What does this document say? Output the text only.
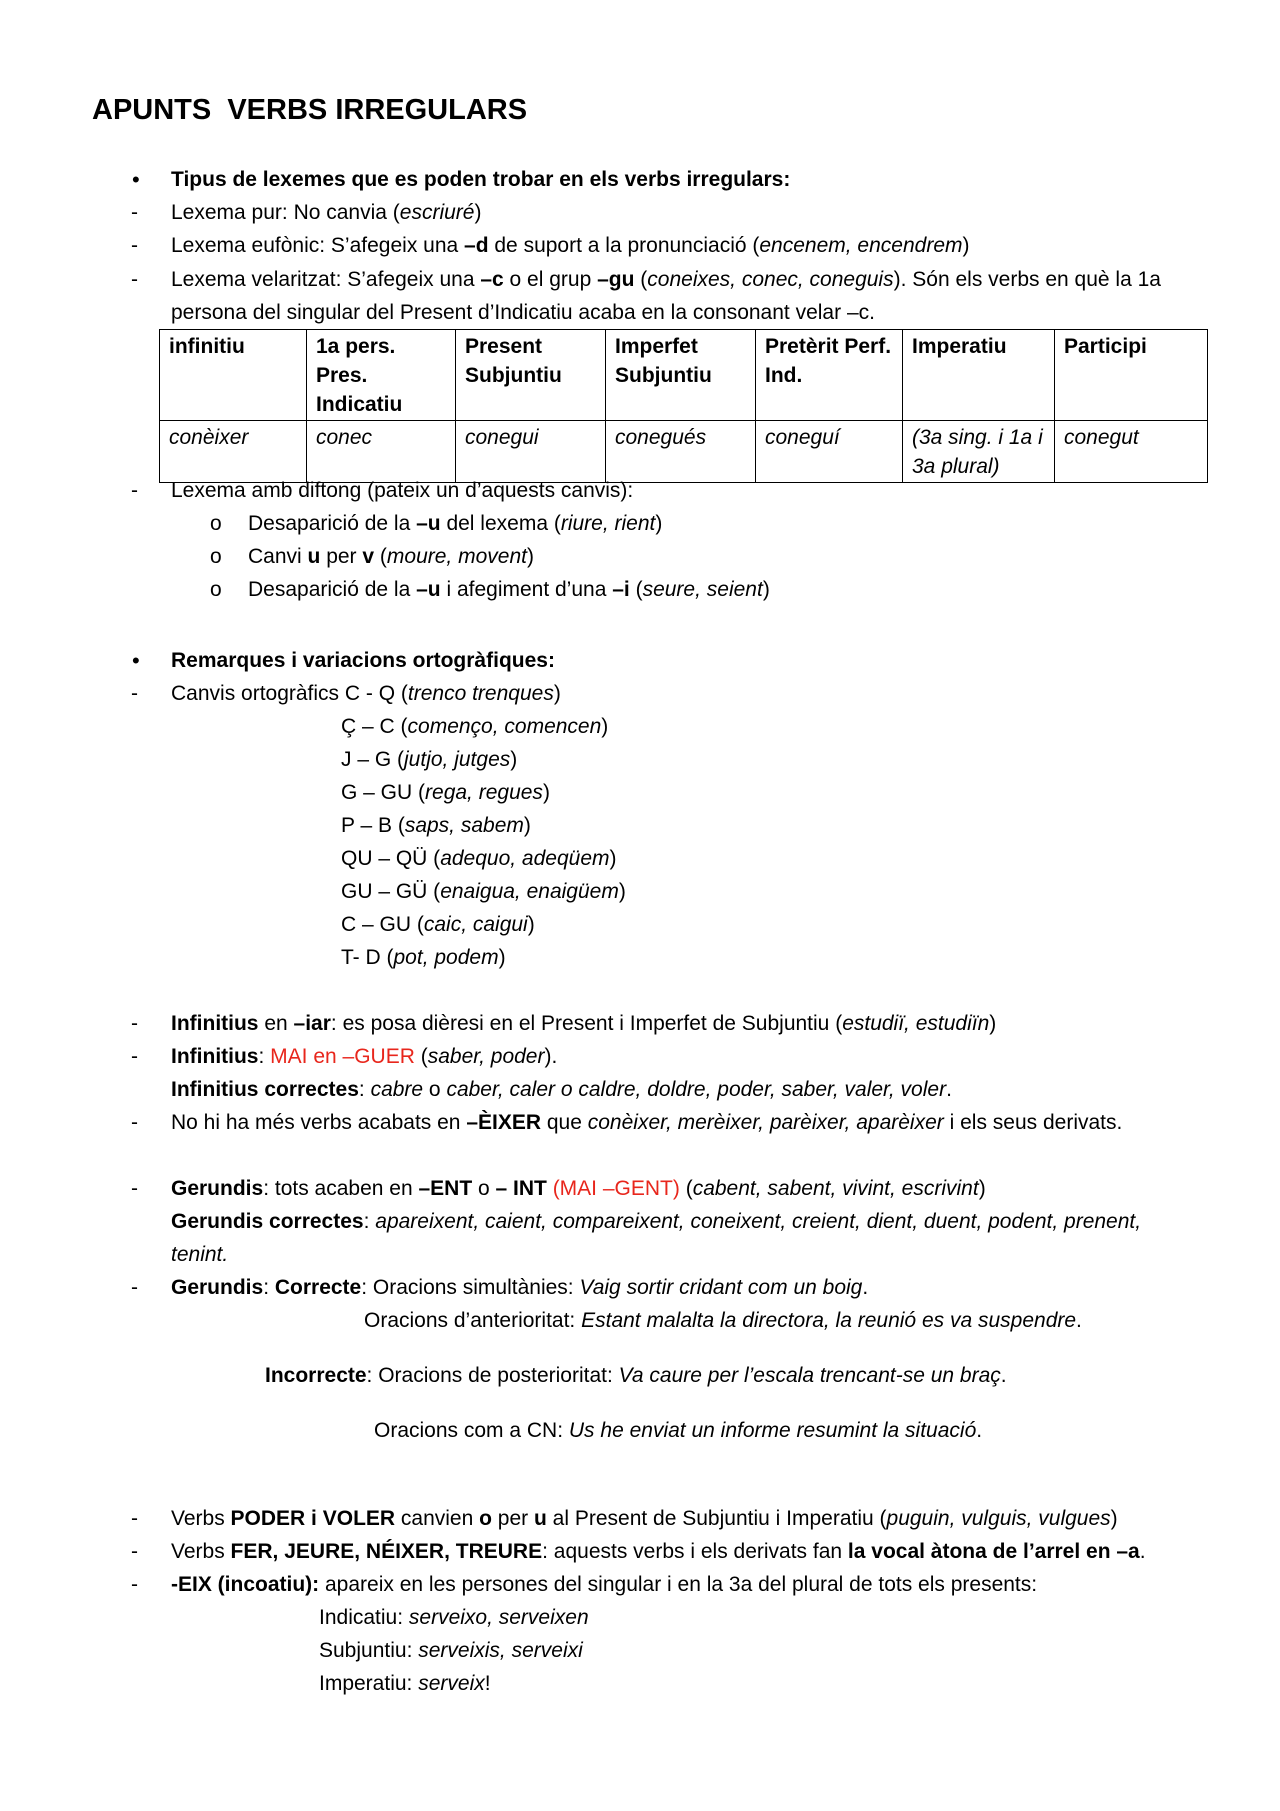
APUNTS  VERBS IRREGULARS
• Tipus de lexemes que es poden trobar en els verbs irregulars:
- Lexema pur: No canvia (escriuré)
- Lexema eufònic: S’afegeix una –d de suport a la pronunciació (encenem, encendrem)
- Lexema velaritzat: S’afegeix una –c o el grup –gu (coneixes, conec, coneguis). Són els verbs en què la 1a
persona del singular del Present d’Indicatiu acaba en la consonant velar –c.
infinitiu	1a pers. Pres. Indicatiu	Present Subjuntiu	Imperfet Subjuntiu	Pretèrit Perf. Ind.	Imperatiu	Participi
conèixer	conec	conegui	conegués	coneguí	(3a sing. i 1a i 3a plural)	conegut
- Lexema amb diftong (pateix un d’aquests canvis):
o Desaparició de la –u del lexema (riure, rient)
o Canvi u per v (moure, movent)
o Desaparició de la –u i afegiment d’una –i (seure, seient)
• Remarques i variacions ortogràfiques:
- Canvis ortogràfics C - Q (trenco trenques)
Ç – C (començo, comencen)
J – G (jutjo, jutges)
G – GU (rega, regues)
P – B (saps, sabem)
QU – QÜ (adequo, adeqüem)
GU – GÜ (enaigua, enaigüem)
C – GU (caic, caigui)
T- D (pot, podem)
- Infinitius en –iar: es posa dièresi en el Present i Imperfet de Subjuntiu (estudiï, estudiïn)
- Infinitius: MAI en –GUER (saber, poder).
Infinitius correctes: cabre o caber, caler o caldre, doldre, poder, saber, valer, voler.
- No hi ha més verbs acabats en –ÈIXER que conèixer, merèixer, parèixer, aparèixer i els seus derivats.
- Gerundis: tots acaben en –ENT o – INT (MAI –GENT) (cabent, sabent, vivint, escrivint)
Gerundis correctes: apareixent, caient, compareixent, coneixent, creient, dient, duent, podent, prenent,
tenint.
- Gerundis: Correcte: Oracions simultànies: Vaig sortir cridant com un boig.
Oracions d’anterioritat: Estant malalta la directora, la reunió es va suspendre.
Incorrecte: Oracions de posterioritat: Va caure per l’escala trencant-se un braç.
Oracions com a CN: Us he enviat un informe resumint la situació.
- Verbs PODER i VOLER canvien o per u al Present de Subjuntiu i Imperatiu (puguin, vulguis, vulgues)
- Verbs FER, JEURE, NÉIXER, TREURE: aquests verbs i els derivats fan la vocal àtona de l’arrel en –a.
- -EIX (incoatiu): apareix en les persones del singular i en la 3a del plural de tots els presents:
Indicatiu: serveixo, serveixen
Subjuntiu: serveixis, serveixi
Imperatiu: serveix!
